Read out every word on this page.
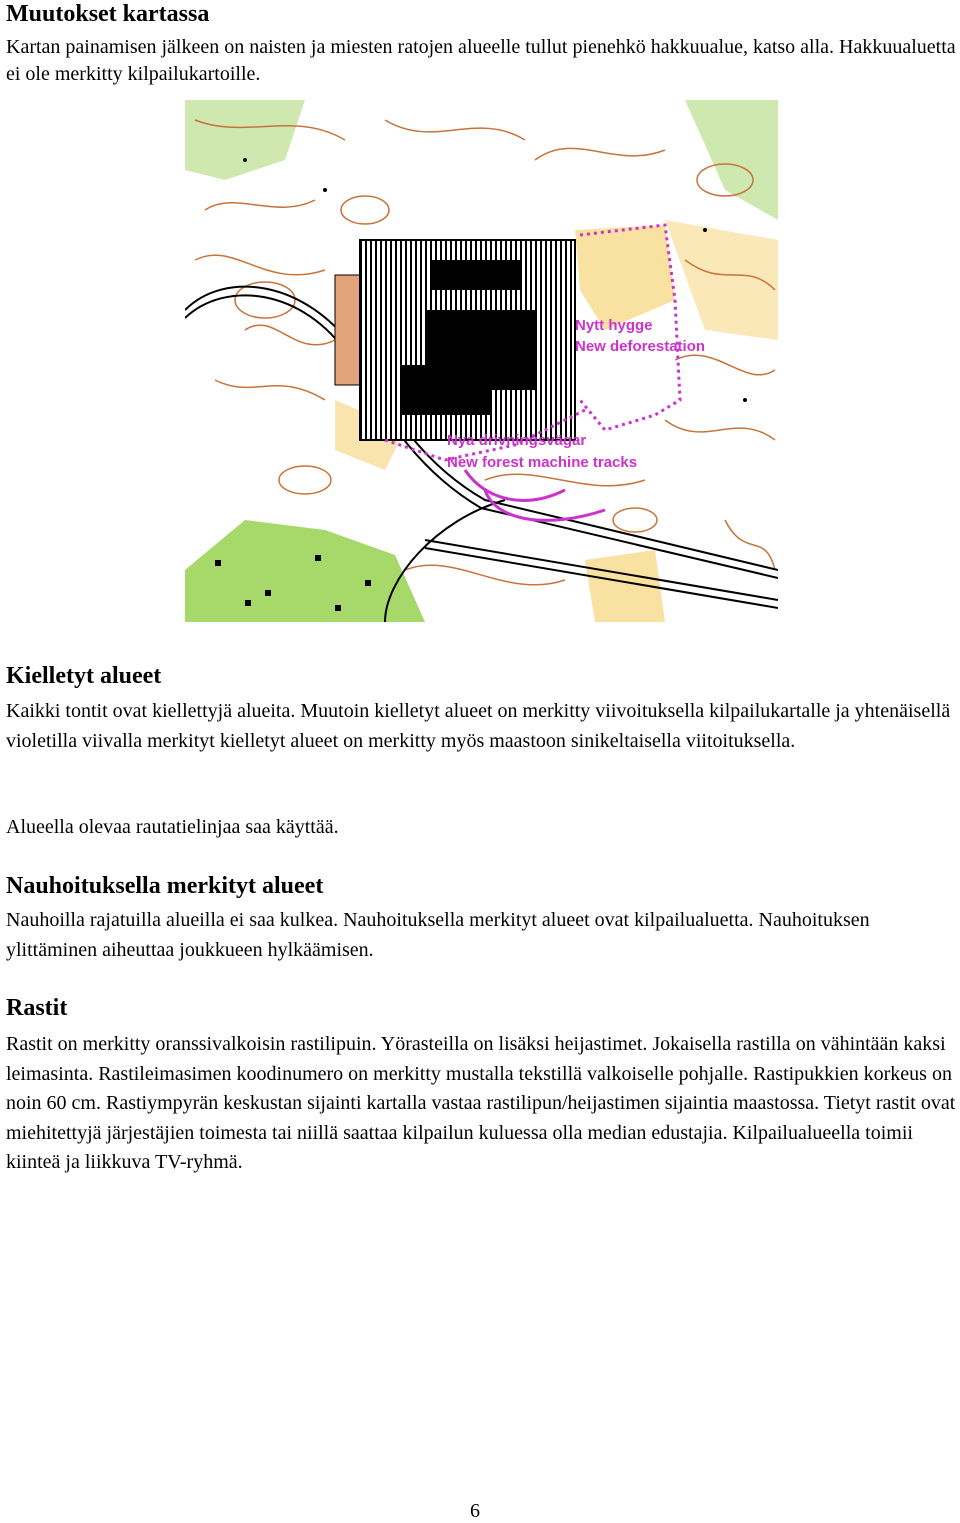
Muutokset kartassa

Kartan painamisen jälkeen on naisten ja miesten ratojen alueelle tullut pienehkö hakkuualue, katso alla. Hakkuualuetta ei ole merkitty kilpailukartoille.

Nytt hygge
New deforestation
Nya drivningsvägar
New forest machine tracks
Kielletyt alueet

Kaikki tontit ovat kiellettyjä alueita. Muutoin kielletyt alueet on merkitty viivoituksella kilpailukartalle ja yhtenäisellä violetilla viivalla merkityt kielletyt alueet on merkitty myös maastoon sinikeltaisella viitoituksella.

Alueella olevaa rautatielinjaa saa käyttää.

Nauhoituksella merkityt alueet

Nauhoilla rajatuilla alueilla ei saa kulkea. Nauhoituksella merkityt alueet ovat kilpailualuetta. Nauhoituksen ylittäminen aiheuttaa joukkueen hylkäämisen.

Rastit

Rastit on merkitty oranssivalkoisin rastilipuin. Yörasteilla on lisäksi heijastimet. Jokaisella rastilla on vähintään kaksi leimasinta. Rastileimasimen koodinumero on merkitty mustalla tekstillä valkoiselle pohjalle. Rastipukkien korkeus on noin 60 cm. Rastiympyrän keskustan sijainti kartalla vastaa rastilipun/heijastimen sijaintia maastossa. Tietyt rastit ovat miehitettyjä järjestäjien toimesta tai niillä saattaa kilpailun kuluessa olla median edustajia. Kilpailualueella toimii kiinteä ja liikkuva TV-ryhmä.

6
